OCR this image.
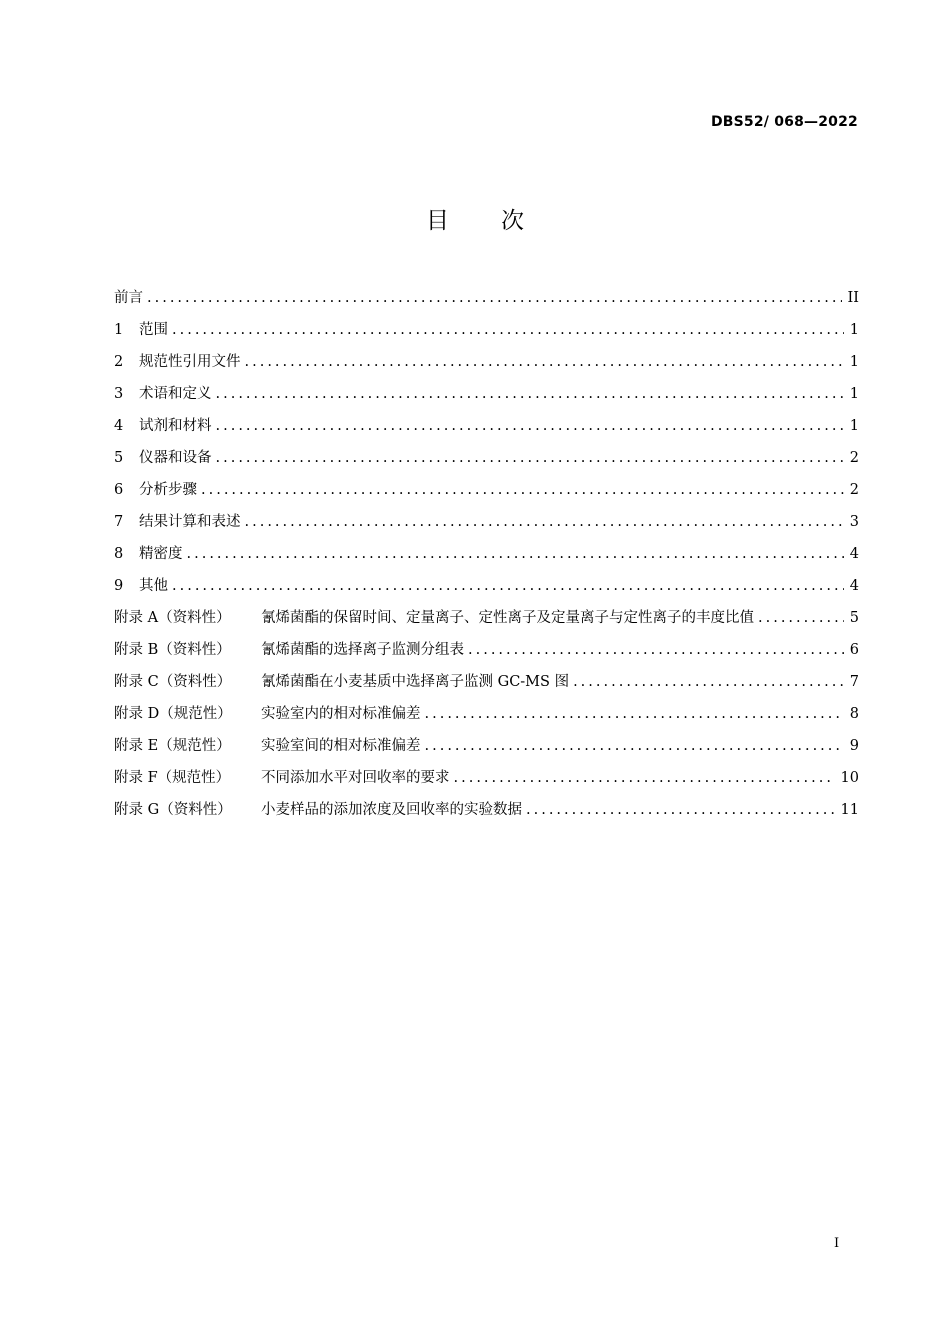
DBS52/ 068—2022
目次
前言 .....	II
1	范围 .....	1
2	规范性引用文件 .....	1
3	术语和定义 .....	1
4	试剂和材料 .....	1
5	仪器和设备 .....	2
6	分析步骤 .....	2
7	结果计算和表述 .....	3
8	精密度 .....	4
9	其他 .....	4
附录 A（资料性）	氰烯菌酯的保留时间、定量离子、定性离子及定量离子与定性离子的丰度比值 .....	5
附录 B（资料性）	氰烯菌酯的选择离子监测分组表 .....	6
附录 C（资料性）	氰烯菌酯在小麦基质中选择离子监测 GC-MS 图 .....	7
附录 D（规范性）	实验室内的相对标准偏差 .....	8
附录 E（规范性）	实验室间的相对标准偏差 .....	9
附录 F（规范性）	不同添加水平对回收率的要求 .....	10
附录 G（资料性）	小麦样品的添加浓度及回收率的实验数据 .....	11
I
